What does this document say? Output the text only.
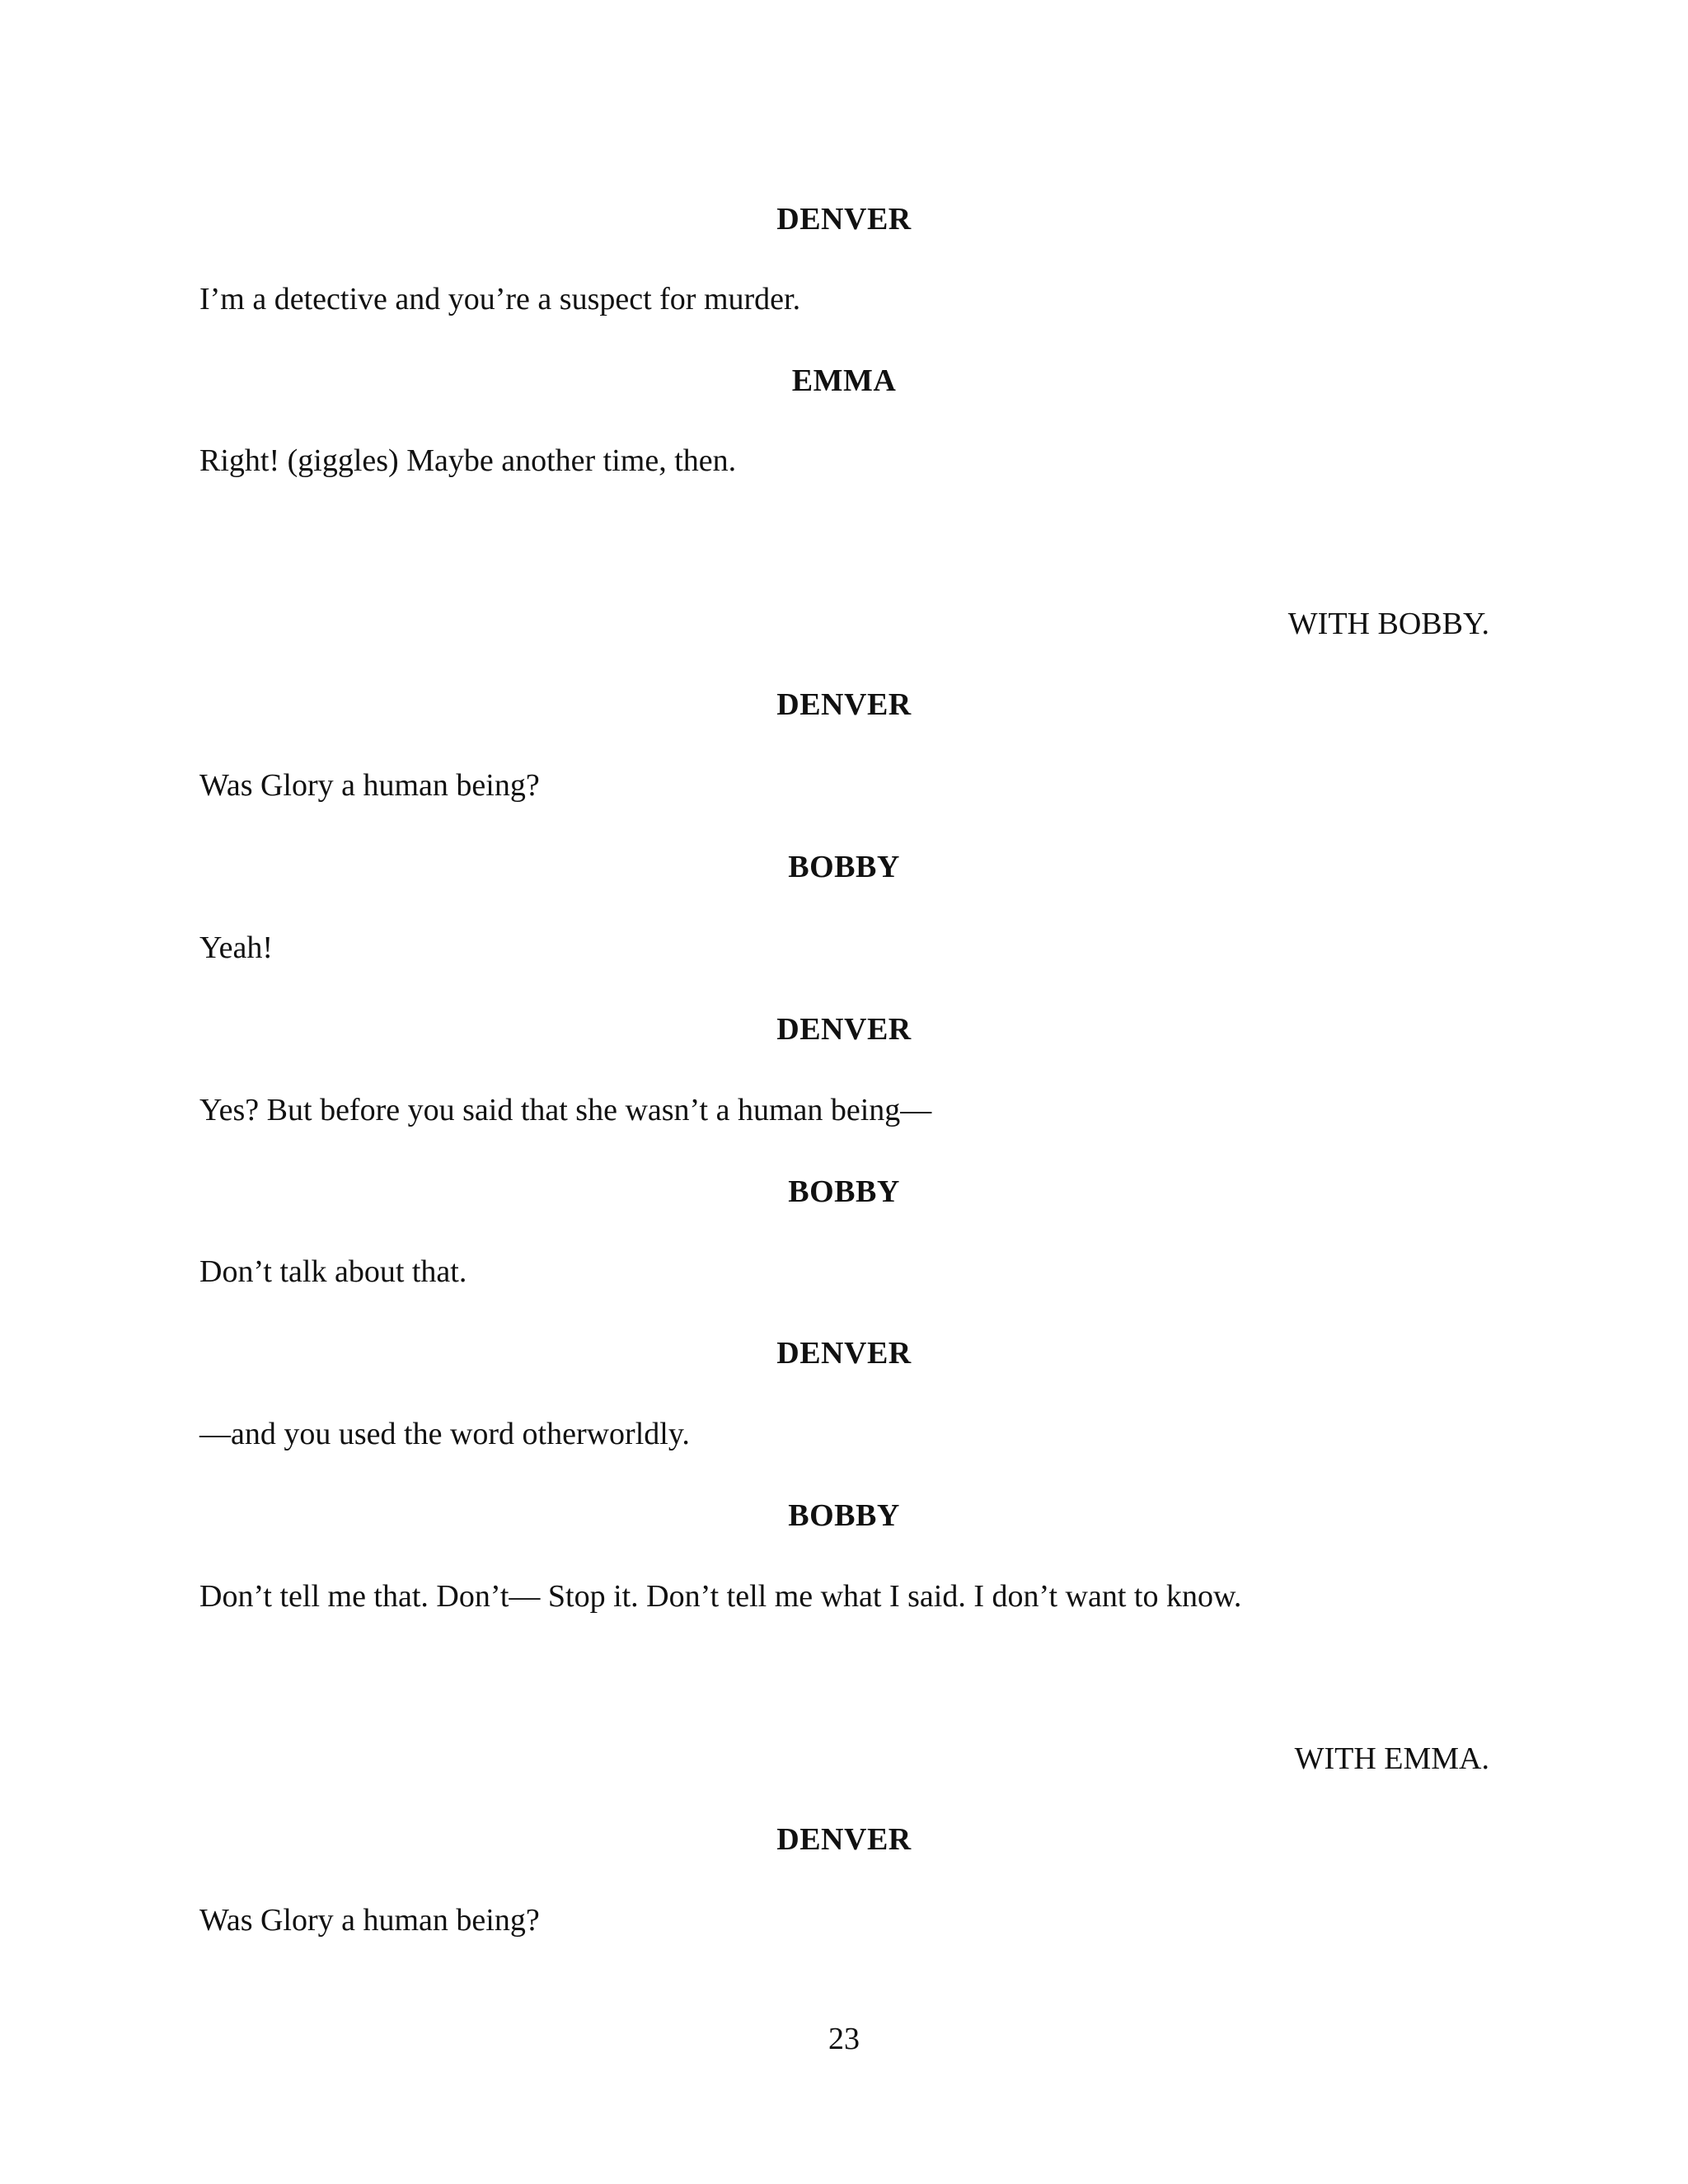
DENVER
I’m a detective and you’re a suspect for murder.
EMMA
Right! (giggles) Maybe another time, then.
WITH BOBBY.
DENVER
Was Glory a human being?
BOBBY
Yeah!
DENVER
Yes? But before you said that she wasn’t a human being—
BOBBY
Don’t talk about that.
DENVER
—and you used the word otherworldly.
BOBBY
Don’t tell me that. Don’t— Stop it. Don’t tell me what I said. I don’t want to know.
WITH EMMA.
DENVER
Was Glory a human being?
23
